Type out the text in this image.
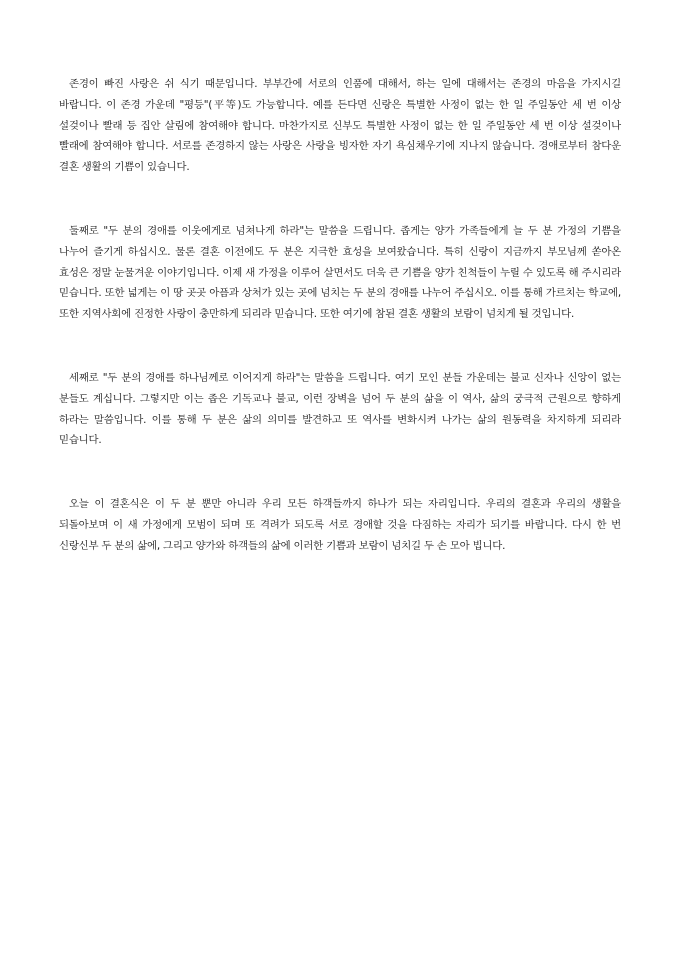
존경이 빠진 사랑은 쉬 식기 때문입니다. 부부간에 서로의 인품에 대해서, 하는 일에 대해서는 존경의 마음을 가지시길 바랍니다. 이 존경 가운데 "평등"(平等)도 가능합니다. 예를 든다면 신랑은 특별한 사정이 없는 한 일 주일동안 세 번 이상 설겆이나 빨래 등 집안 살림에 참여해야 합니다. 마찬가지로 신부도 특별한 사정이 없는 한 일 주일동안 세 번 이상 설겆이나 빨래에 참여해야 합니다. 서로를 존경하지 않는 사랑은 사랑을 빙자한 자기 욕심채우기에 지나지 않습니다. 경애로부터 참다운 결혼 생활의 기쁨이 있습니다.

둘째로 "두 분의 경애를 이웃에게로 넘쳐나게 하라"는 말씀을 드립니다. 좁게는 양가 가족들에게 늘 두 분 가정의 기쁨을 나누어 즐기게 하십시오. 물론 결혼 이전에도 두 분은 지극한 효성을 보여왔습니다. 특히 신랑이 지금까지 부모님께 쏟아온 효성은 정말 눈물겨운 이야기입니다. 이제 새 가정을 이루어 살면서도 더욱 큰 기쁨을 양가 친척들이 누릴 수 있도록 해 주시리라 믿습니다. 또한 넓게는 이 땅 곳곳 아픔과 상처가 있는 곳에 넘치는 두 분의 경애를 나누어 주십시오. 이를 통해 가르치는 학교에, 또한 지역사회에 진정한 사랑이 충만하게 되리라 믿습니다. 또한 여기에 참된 결혼 생활의 보람이 넘치게 될 것입니다.

세째로 "두 분의 경애를 하나님께로 이어지게 하라"는 말씀을 드립니다. 여기 모인 분들 가운데는 불교 신자나 신앙이 없는 분들도 계십니다. 그렇지만 이는 좁은 기독교나 불교, 이런 장벽을 넘어 두 분의 삶을 이 역사, 삶의 궁극적 근원으로 향하게 하라는 말씀입니다. 이를 통해 두 분은 삶의 의미를 발견하고 또 역사를 변화시켜 나가는 삶의 원동력을 차지하게 되리라 믿습니다.

오늘 이 결혼식은 이 두 분 뿐만 아니라 우리 모든 하객들까지 하나가 되는 자리입니다. 우리의 결혼과 우리의 생활을 되돌아보며 이 새 가정에게 모범이 되며 또 격려가 되도록 서로 경애할 것을 다짐하는 자리가 되기를 바랍니다. 다시 한 번 신랑신부 두 분의 삶에, 그리고 양가와 하객들의 삶에 이러한 기쁨과 보람이 넘치길 두 손 모아 빕니다.
